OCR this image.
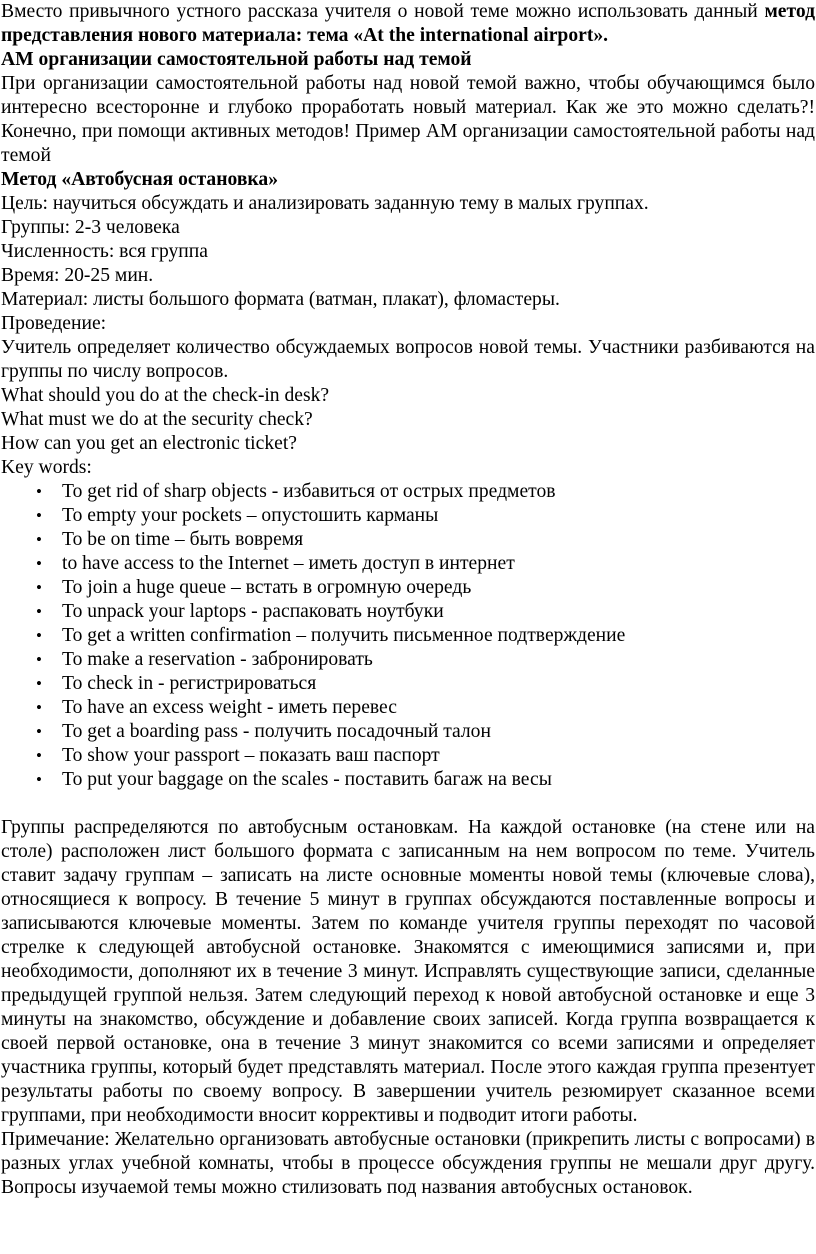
Вместо привычного устного рассказа учителя о новой теме можно использовать данный метод представления нового материала: тема «At the international airport».

АМ организации самостоятельной работы над темой

При организации самостоятельной работы над новой темой важно, чтобы обучающимся было интересно всесторонне и глубоко проработать новый материал. Как же это можно сделать?! Конечно, при помощи активных методов! Пример АМ организации самостоятельной работы над темой

Метод «Автобусная остановка»

Цель: научиться обсуждать и анализировать заданную тему в малых группах.

Группы: 2-3 человека

Численность: вся группа

Время: 20-25 мин.

Материал: листы большого формата (ватман, плакат), фломастеры.

Проведение:

Учитель определяет количество обсуждаемых вопросов новой темы. Участники разбиваются на группы по числу вопросов.

What should you do at the check-in desk?

What must we do at the security check?

How can you get an electronic ticket?

Key words:

• To get rid of sharp objects - избавиться от острых предметов
• To empty your pockets – опустошить карманы
• To be on time – быть вовремя
• to have access to the Internet – иметь доступ в интернет
• To join a huge queue – встать в огромную очередь
• To unpack your laptops - распаковать ноутбуки
• To get a written confirmation – получить письменное подтверждение
• To make a reservation - забронировать
• To check in - регистрироваться
• To have an excess weight - иметь перевес
• To get a boarding pass - получить посадочный талон
• To show your passport – показать ваш паспорт
• To put your baggage on the scales - поставить багаж на весы

Группы распределяются по автобусным остановкам. На каждой остановке (на стене или на столе) расположен лист большого формата с записанным на нем вопросом по теме. Учитель ставит задачу группам – записать на листе основные моменты новой темы (ключевые слова), относящиеся к вопросу. В течение 5 минут в группах обсуждаются поставленные вопросы и записываются ключевые моменты. Затем по команде учителя группы переходят по часовой стрелке к следующей автобусной остановке. Знакомятся с имеющимися записями и, при необходимости, дополняют их в течение 3 минут. Исправлять существующие записи, сделанные предыдущей группой нельзя. Затем следующий переход к новой автобусной остановке и еще 3 минуты на знакомство, обсуждение и добавление своих записей. Когда группа возвращается к своей первой остановке, она в течение 3 минут знакомится со всеми записями и определяет участника группы, который будет представлять материал. После этого каждая группа презентует результаты работы по своему вопросу. В завершении учитель резюмирует сказанное всеми группами, при необходимости вносит коррективы и подводит итоги работы.

Примечание: Желательно организовать автобусные остановки (прикрепить листы с вопросами) в разных углах учебной комнаты, чтобы в процессе обсуждения группы не мешали друг другу. Вопросы изучаемой темы можно стилизовать под названия автобусных остановок.
